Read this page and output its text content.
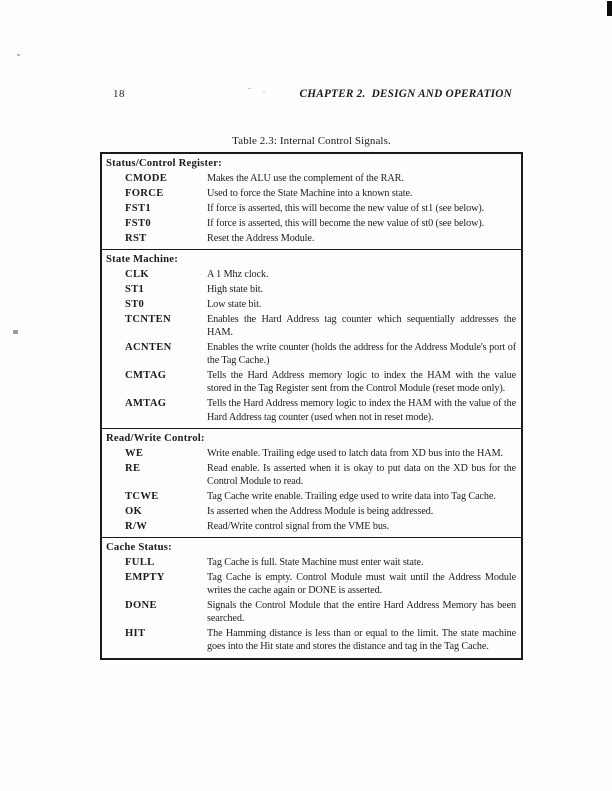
18	CHAPTER 2.  DESIGN AND OPERATION
Table 2.3: Internal Control Signals.
Status/Control Register:
CMODE	Makes the ALU use the complement of the RAR.
FORCE	Used to force the State Machine into a known state.
FST1	If force is asserted, this will become the new value of st1 (see below).
FST0	If force is asserted, this will become the new value of st0 (see below).
RST	Reset the Address Module.
State Machine:
CLK	A 1 Mhz clock.
ST1	High state bit.
ST0	Low state bit.
TCNTEN	Enables the Hard Address tag counter which sequentially addresses the HAM.
ACNTEN	Enables the write counter (holds the address for the Address Module's port of the Tag Cache.)
CMTAG	Tells the Hard Address memory logic to index the HAM with the value stored in the Tag Register sent from the Control Module (reset mode only).
AMTAG	Tells the Hard Address memory logic to index the HAM with the value of the Hard Address tag counter (used when not in reset mode).
Read/Write Control:
WE	Write enable. Trailing edge used to latch data from XD bus into the HAM.
RE	Read enable. Is asserted when it is okay to put data on the XD bus for the Control Module to read.
TCWE	Tag Cache write enable. Trailing edge used to write data into Tag Cache.
OK	Is asserted when the Address Module is being addressed.
R/W	Read/Write control signal from the VME bus.
Cache Status:
FULL	Tag Cache is full. State Machine must enter wait state.
EMPTY	Tag Cache is empty. Control Module must wait until the Address Module writes the cache again or DONE is asserted.
DONE	Signals the Control Module that the entire Hard Address Memory has been searched.
HIT	The Hamming distance is less than or equal to the limit. The state machine goes into the Hit state and stores the distance and tag in the Tag Cache.
